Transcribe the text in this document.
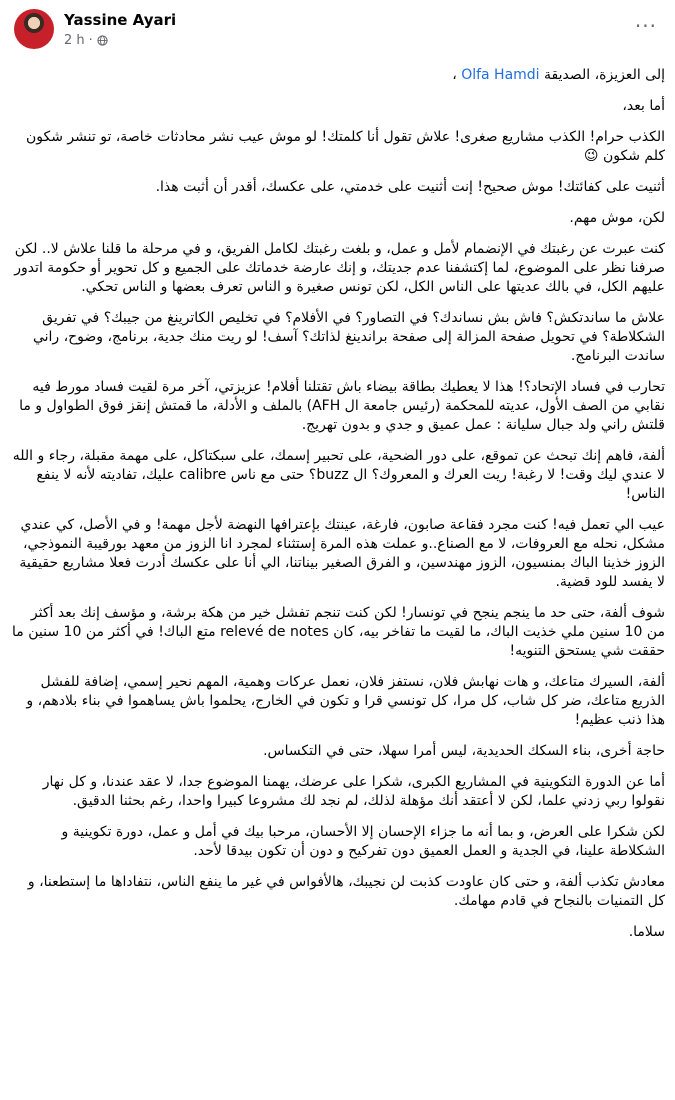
Yassine Ayari
2 h ·
···

إلى العزيزة، الصديقة Olfa Hamdi ،

أما بعد،

الكذب حرام! الكذب مشاريع صغرى! علاش تقول أنا كلمتك! لو موش عيب نشر محادثات خاصة، تو تنشر شكون كلم شكون 😉

أثنيت على كفائتك! موش صحيح! إنت أثنيت على خدمتي، على عكسك، أقدر أن أثبت هذا.

لكن، موش مهم.

كنت عبرت عن رغبتك في الإنضمام لأمل و عمل، و بلغت رغبتك لكامل الفريق، و في مرحلة ما قلنا علاش لا.. لكن صرفنا نظر على الموضوع، لما إكتشفنا عدم جديتك، و إنك عارضة خدماتك على الجميع و كل تحوير أو حكومة اتدور عليهم الكل، في بالك عديتها على الناس الكل، لكن تونس صغيرة و الناس تعرف بعضها و الناس تحكي.

علاش ما ساندتكش؟ فاش بش نساندك؟ في التصاور؟ في الأفلام؟ في تخليص الكاترينغ من جيبك؟ في تفريق الشكلاطة؟ في تحويل صفحة المزالة إلى صفحة براندينغ لذاتك؟ آسف! لو ريت منك جدية، برنامج، وضوح، راني ساندت البرنامج.

تحارب في فساد الإتحاد؟! هذا لا يعطيك بطاقة بيضاء باش تقتلنا أفلام! عزيزتي، آخر مرة لقيت فساد مورط فيه نقابي من الصف الأول، عديته للمحكمة (رئيس جامعة ال AFH) بالملف و الأدلة، ما قمتش إنقز فوق الطواول و ما قلتش راني ولد جبال سليانة : عمل عميق و جدي و بدون تهريج.

ألفة، فاهم إنك تبحث عن تموقع، على دور الضحية، على تحبير إسمك، على سبكتاكل، على مهمة مقبلة، رجاء و الله لا عندي ليك وقت! لا رغبة! ريت العرك و المعروك؟ ال buzz؟ حتى مع ناس calibre عليك، تفاديته لأنه لا ينفع الناس!

عيب الي تعمل فيه! كنت مجرد فقاعة صابون، فارغة، عينتك بإعترافها النهضة لأجل مهمة! و في الأصل، كي عندي مشكل، نحله مع العروفات، لا مع الصناع..و عملت هذه المرة إستثناء لمجرد انا الزوز من معهد بورقيبة النموذجي، الزوز خذينا الباك بمنسيون، الزوز مهندسين، و الفرق الصغير بيناتنا، الي أنا على عكسك أدرت فعلا مشاريع حقيقية لا يفسد للود قضية.

شوف ألفة، حتى حد ما ينجم ينجح في تونسار! لكن كنت تنجم تفشل خير من هكة برشة، و مؤسف إنك بعد أكثر من 10 سنين ملي خذيت الباك، ما لقيت ما تفاخر بيه، كان relevé de notes متع الباك! في أكثر من 10 سنين ما حققت شي يستحق التنويه!

ألفة، السيرك متاعك، و هات نهابش فلان، نستفز فلان، نعمل عركات وهمية، المهم نحير إسمي، إضافة للفشل الذريع متاعك، ضر كل شاب، كل مرا، كل تونسي قرا و تكون في الخارج، يحلموا باش يساهموا في بناء بلادهم، و هذا ذنب عظيم!

حاجة أخرى، بناء السكك الحديدية، ليس أمرا سهلا، حتى في التكساس.

أما عن الدورة التكوينية في المشاريع الكبرى، شكرا على عرضك، يهمنا الموضوع جدا، لا عقد عندنا، و كل نهار نقولوا ربي زدني علما، لكن لا أعتقد أنك مؤهلة لذلك، لم نجد لك مشروعا كبيرا واحدا، رغم بحثنا الدقيق.

لكن شكرا على العرض، و بما أنه ما جزاء الإحسان إلا الأحسان، مرحبا بيك في أمل و عمل، دورة تكوينية و الشكلاطة علينا، في الجدية و العمل العميق دون تفركيح و دون أن تكون بيدقا لأحد.

معادش تكذب ألفة، و حتى كان عاودت كذبت لن نجيبك، هالأفواس في غير ما ينفع الناس، نتفاداها ما إستطعنا، و كل التمنيات بالنجاح في قادم مهامك.

سلاما.
